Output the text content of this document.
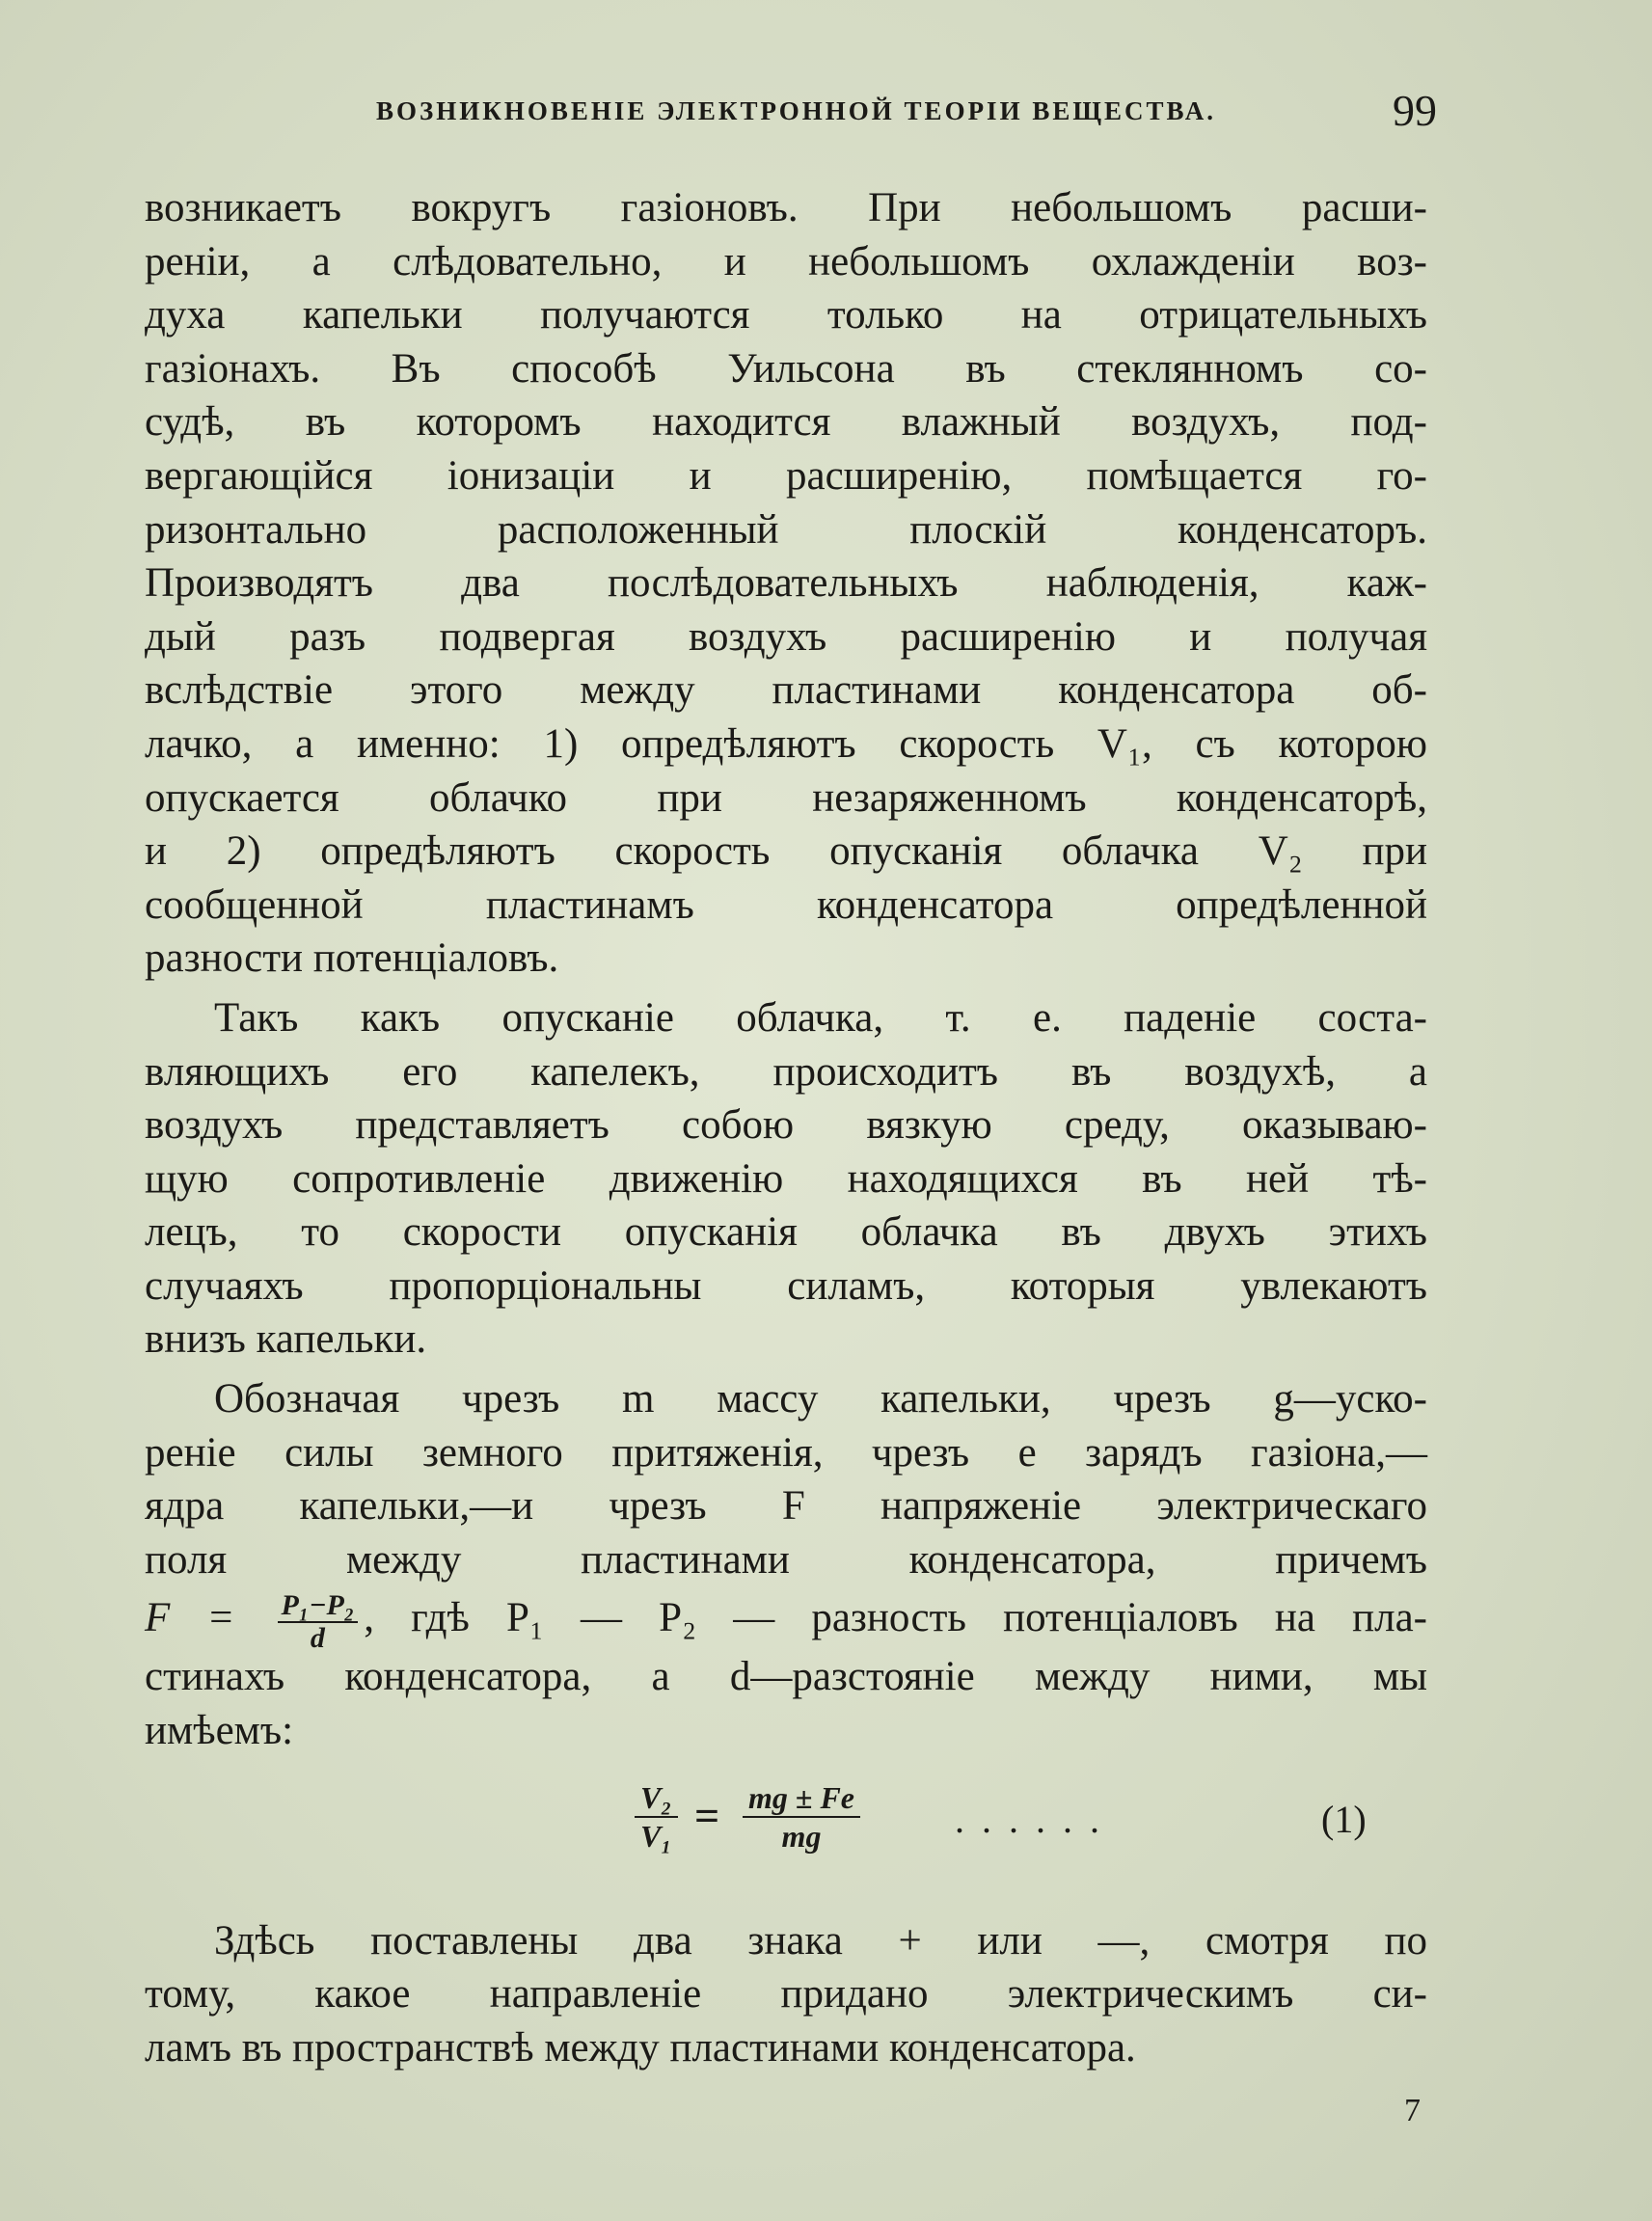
ВОЗНИКНОВЕНІЕ ЭЛЕКТРОННОЙ ТЕОРІИ ВЕЩЕСТВА.	99
возникаетъ вокругъ газіоновъ. При небольшомъ расши-
реніи, а слѣдовательно, и небольшомъ охлажденіи воз-
духа капельки получаются только на отрицательныхъ
газіонахъ. Въ способѣ Уильсона въ стеклянномъ со-
судѣ, въ которомъ находится влажный воздухъ, под-
вергающійся іонизаціи и расширенію, помѣщается го-
ризонтально расположенный плоскій конденсаторъ.
Производятъ два послѣдовательныхъ наблюденія, каж-
дый разъ подвергая воздухъ расширенію и получая
вслѣдствіе этого между пластинами конденсатора об-
лачко, а именно: 1) опредѣляютъ скорость V₁, съ которою
опускается облачко при незаряженномъ конденсаторѣ,
и 2) опредѣляютъ скорость опусканія облачка V₂ при
сообщенной пластинамъ конденсатора опредѣленной
разности потенціаловъ.
Такъ какъ опусканіе облачка, т. е. паденіе соста-
вляющихъ его капелекъ, происходитъ въ воздухѣ, а
воздухъ представляетъ собою вязкую среду, оказываю-
щую сопротивленіе движенію находящихся въ ней тѣ-
лецъ, то скорости опусканія облачка въ двухъ этихъ
случаяхъ пропорціональны силамъ, которыя увлекаютъ
внизъ капельки.
Обозначая чрезъ m массу капельки, чрезъ g—уско-
реніе силы земного притяженія, чрезъ e зарядъ газіона,—
ядра капельки,—и чрезъ F напряженіе электрическаго
поля между пластинами конденсатора, причемъ
$F = \frac{\text{P₁−P₂}}{d}$ , гдѣ P₁ — P₂ — разность потенціаловъ на пла-
стинахъ конденсатора, а d—разстояніе между ними, мы
имѣемъ:
$\frac{\text{V₂}}{\text{V₁}} = \frac{mg \pm Fe}{mg}$ ......	(1)
Здѣсь поставлены два знака + или —, смотря по
тому, какое направленіе придано электрическимъ си-
ламъ въ пространствѣ между пластинами конденсатора.
7
